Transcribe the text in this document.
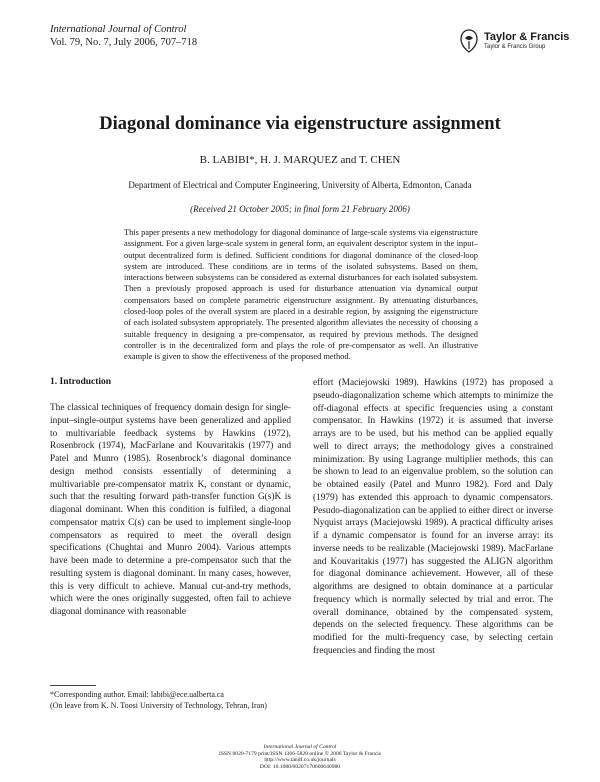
International Journal of Control
Vol. 79, No. 7, July 2006, 707–718	Taylor & Francis
Taylor & Francis Group
Diagonal dominance via eigenstructure assignment
B. LABIBI*, H. J. MARQUEZ and T. CHEN
Department of Electrical and Computer Engineering, University of Alberta, Edmonton, Canada
(Received 21 October 2005; in final form 21 February 2006)
This paper presents a new methodology for diagonal dominance of large-scale systems via eigenstructure assignment. For a given large-scale system in general form, an equivalent descriptor system in the input–output decentralized form is defined. Sufficient conditions for diagonal dominance of the closed-loop system are introduced. These conditions are in terms of the isolated subsystems. Based on them, interactions between subsystems can be considered as external disturbances for each isolated subsystem. Then a previously proposed approach is used for disturbance attenuation via dynamical output compensators based on complete parametric eigenstructure assignment. By attenuating disturbances, closed-loop poles of the overall system are placed in a desirable region, by assigning the eigenstructure of each isolated subsystem appropriately. The presented algorithm alleviates the necessity of choosing a suitable frequency in designing a pre-compensator, as required by previous methods. The designed controller is in the decentralized form and plays the role of pre-compensator as well. An illustrative example is given to show the effectiveness of the proposed method.
1. Introduction
The classical techniques of frequency domain design for single-input–single-output systems have been generalized and applied to multivariable feedback systems by Hawkins (1972), Rosenbrock (1974), MacFarlane and Kouvaritakis (1977) and Patel and Munro (1985). Rosenbrock’s diagonal dominance design method consists essentially of determining a multivariable pre-compensator matrix K, constant or dynamic, such that the resulting forward path-transfer function G(s)K is diagonal dominant. When this condition is fulfiled, a diagonal compensator matrix C(s) can be used to implement single-loop compensators as required to meet the overall design specifications (Chughtai and Munro 2004). Various attempts have been made to determine a pre-compensator such that the resulting system is diagonal dominant. In many cases, however, this is very difficult to achieve. Manual cut-and-try methods, which were the ones originally suggested, often fail to achieve diagonal dominance with reasonable
effort (Maciejowski 1989). Hawkins (1972) has proposed a pseudo-diagonalization scheme which attempts to minimize the off-diagonal effects at specific frequencies using a constant compensator. In Hawkins (1972) it is assumed that inverse arrays are to be used, but his method can be applied equally well to direct arrays; the methodology gives a constrained minimization. By using Lagrange multiplier methods, this can be shown to lead to an eigenvalue problem, so the solution can be obtained easily (Patel and Munro 1982). Ford and Daly (1979) has extended this approach to dynamic compensators. Pesudo-diagonalization can be applied to either direct or inverse Nyquist arrays (Maciejowski 1989). A practical difficulty arises if a dynamic compensator is found for an inverse array: its inverse needs to be realizable (Maciejowski 1989). MacFarlane and Kouvaritakis (1977) has suggested the ALIGN algorithm for diagonal dominance achievement. However, all of these algorithms are designed to obtain dominance at a particular frequency which is normally selected by trial and error. The overall dominance, obtained by the compensated system, depends on the selected frequency. These algorithms can be modified for the multi-frequency case, by selecting certain frequencies and finding the most
*Corresponding author. Email: labibi@ece.ualberta.ca
(On leave from K. N. Toosi University of Technology, Tehran, Iran)
International Journal of Control
ISSN 0020-7179 print/ISSN 1366-5820 online © 2006 Taylor & Francis
http://www.tandf.co.uk/journals
DOI: 10.1080/00207170600640980
